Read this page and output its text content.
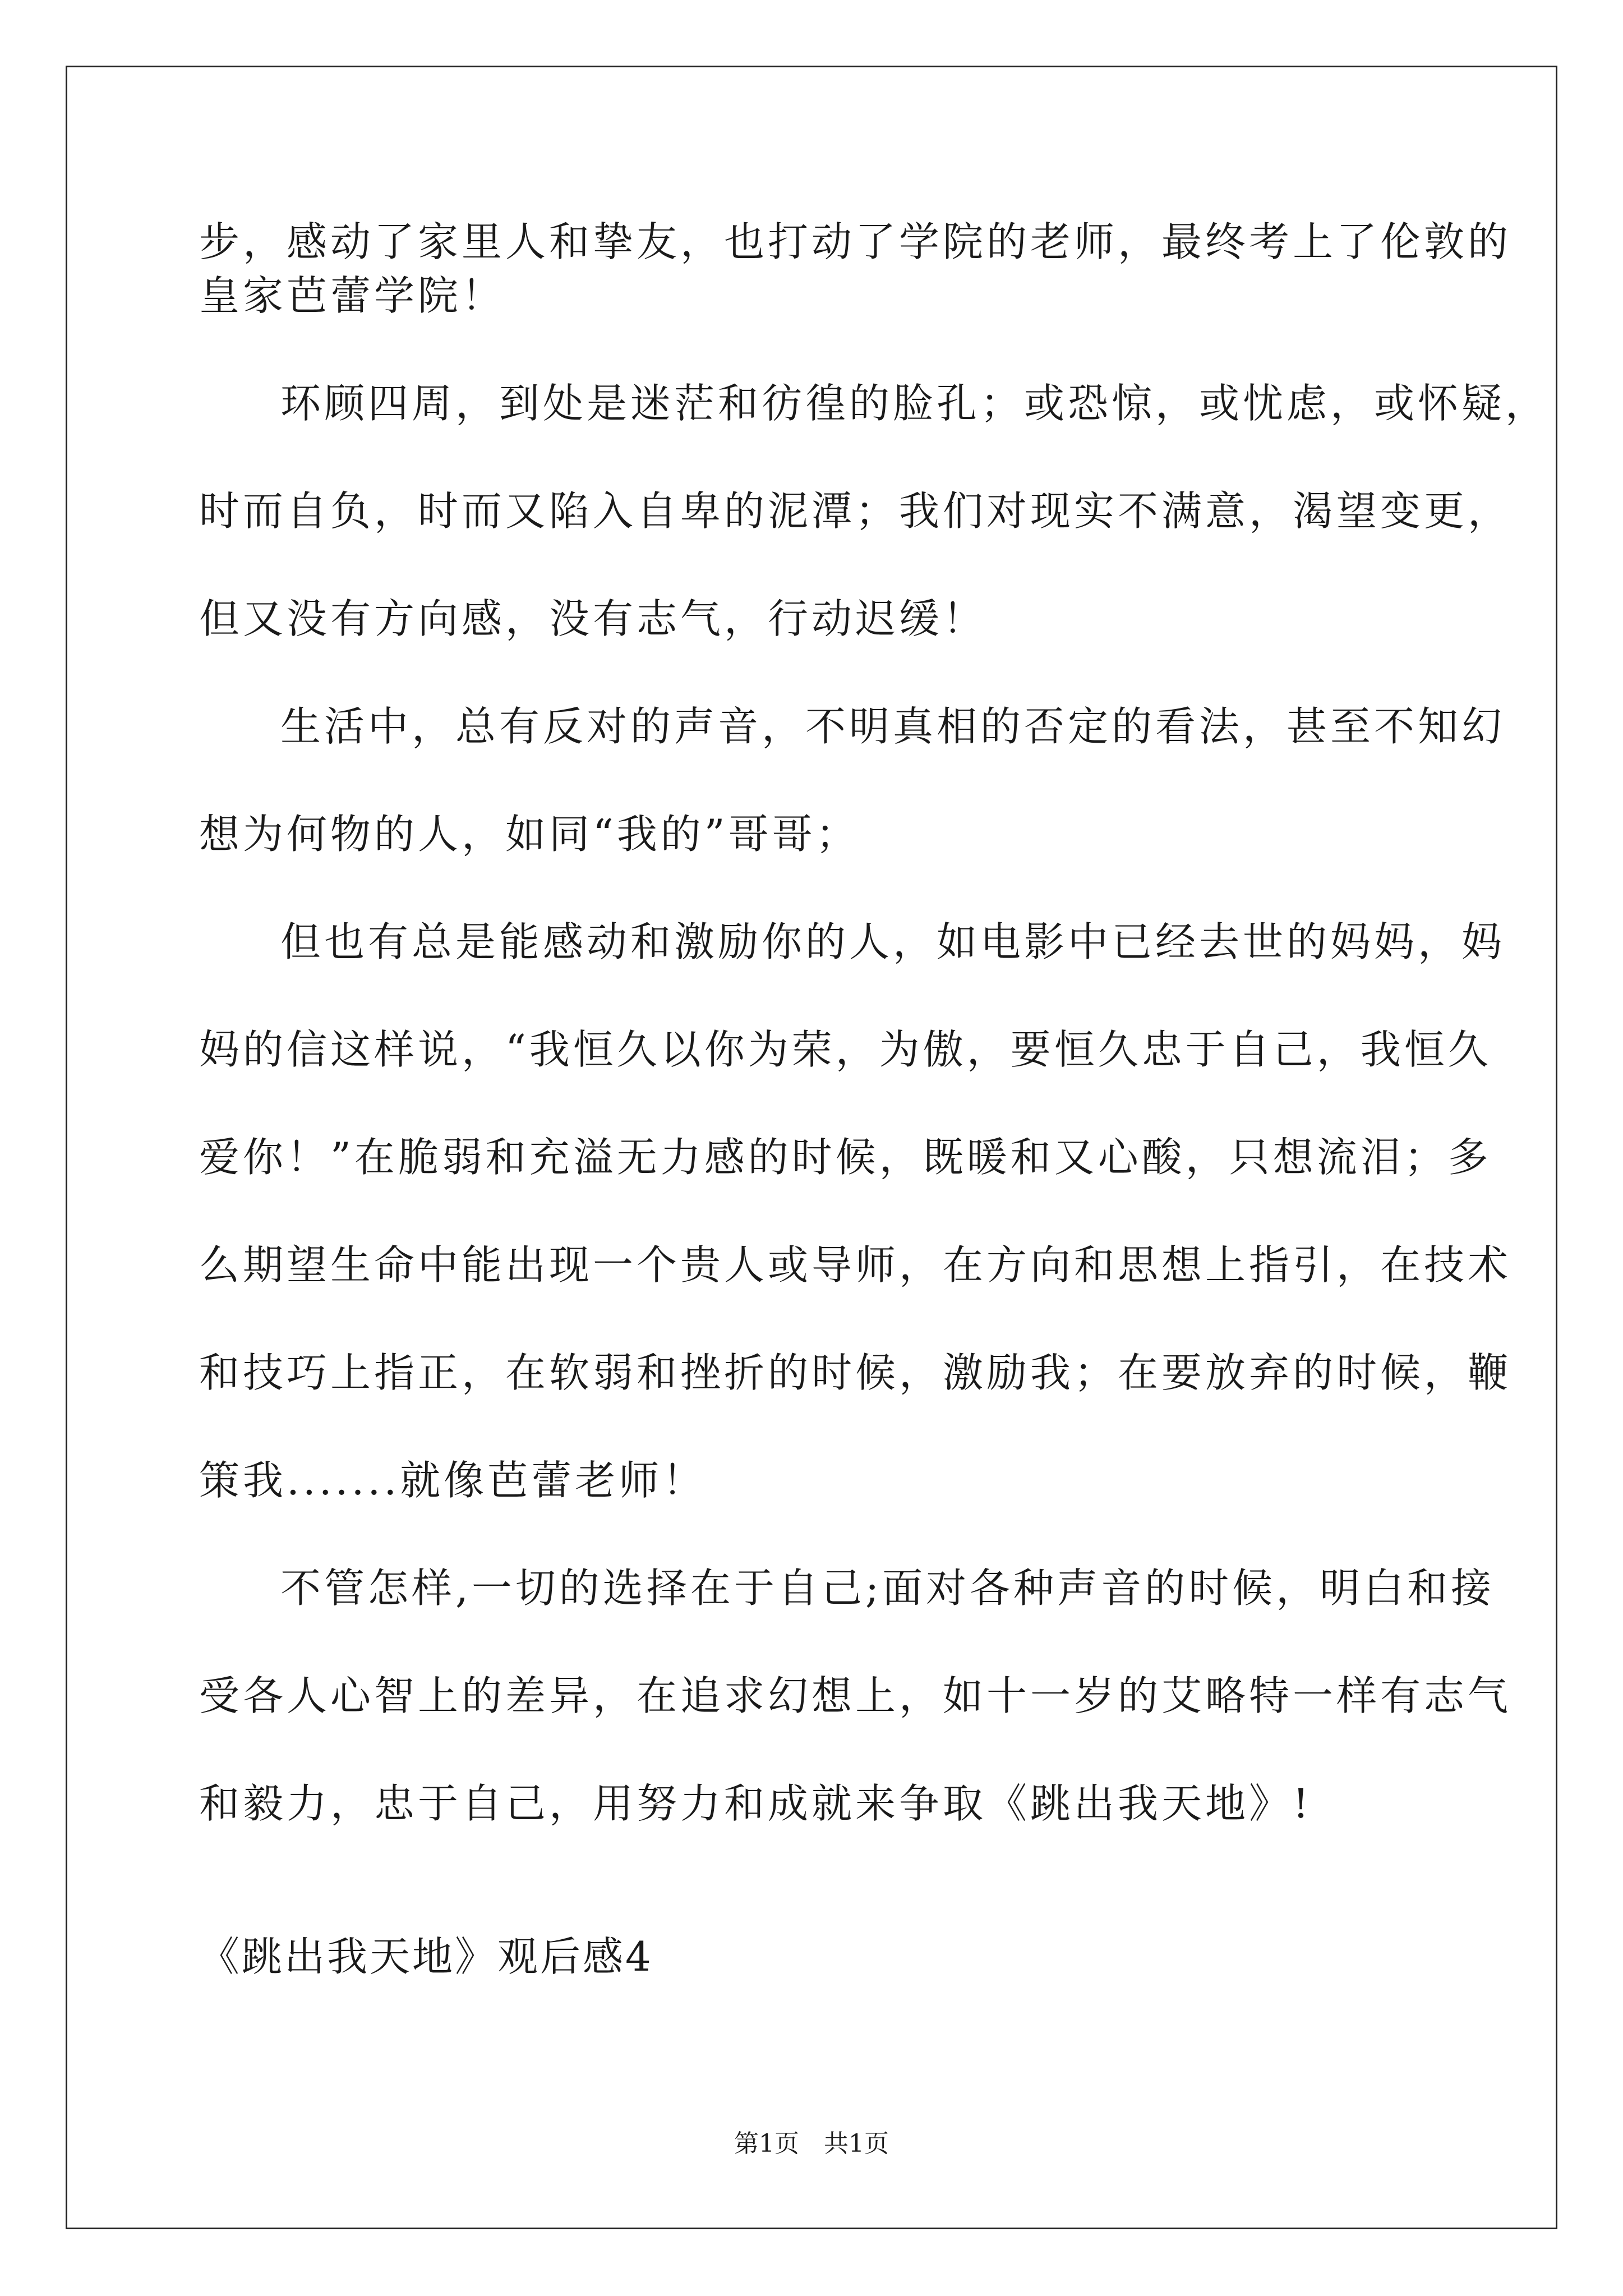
步，感动了家里人和挚友，也打动了学院的老师，最终考上了伦敦的
皇家芭蕾学院！
环顾四周，到处是迷茫和彷徨的脸孔；或恐惊，或忧虑，或怀疑，
时而自负，时而又陷入自卑的泥潭；我们对现实不满意，渴望变更，
但又没有方向感，没有志气，行动迟缓！
生活中，总有反对的声音，不明真相的否定的看法，甚至不知幻
想为何物的人，如同“我的”哥哥；
但也有总是能感动和激励你的人，如电影中已经去世的妈妈，妈
妈的信这样说，“我恒久以你为荣，为傲，要恒久忠于自己，我恒久
爱你！”在脆弱和充溢无力感的时候，既暖和又心酸，只想流泪；多
么期望生命中能出现一个贵人或导师，在方向和思想上指引，在技术
和技巧上指正，在软弱和挫折的时候，激励我；在要放弃的时候，鞭
策我.......就像芭蕾老师！
不管怎样,一切的选择在于自己;面对各种声音的时候，明白和接
受各人心智上的差异，在追求幻想上，如十一岁的艾略特一样有志气
和毅力，忠于自己，用努力和成就来争取《跳出我天地》!
《跳出我天地》观后感4
第1页　共1页
